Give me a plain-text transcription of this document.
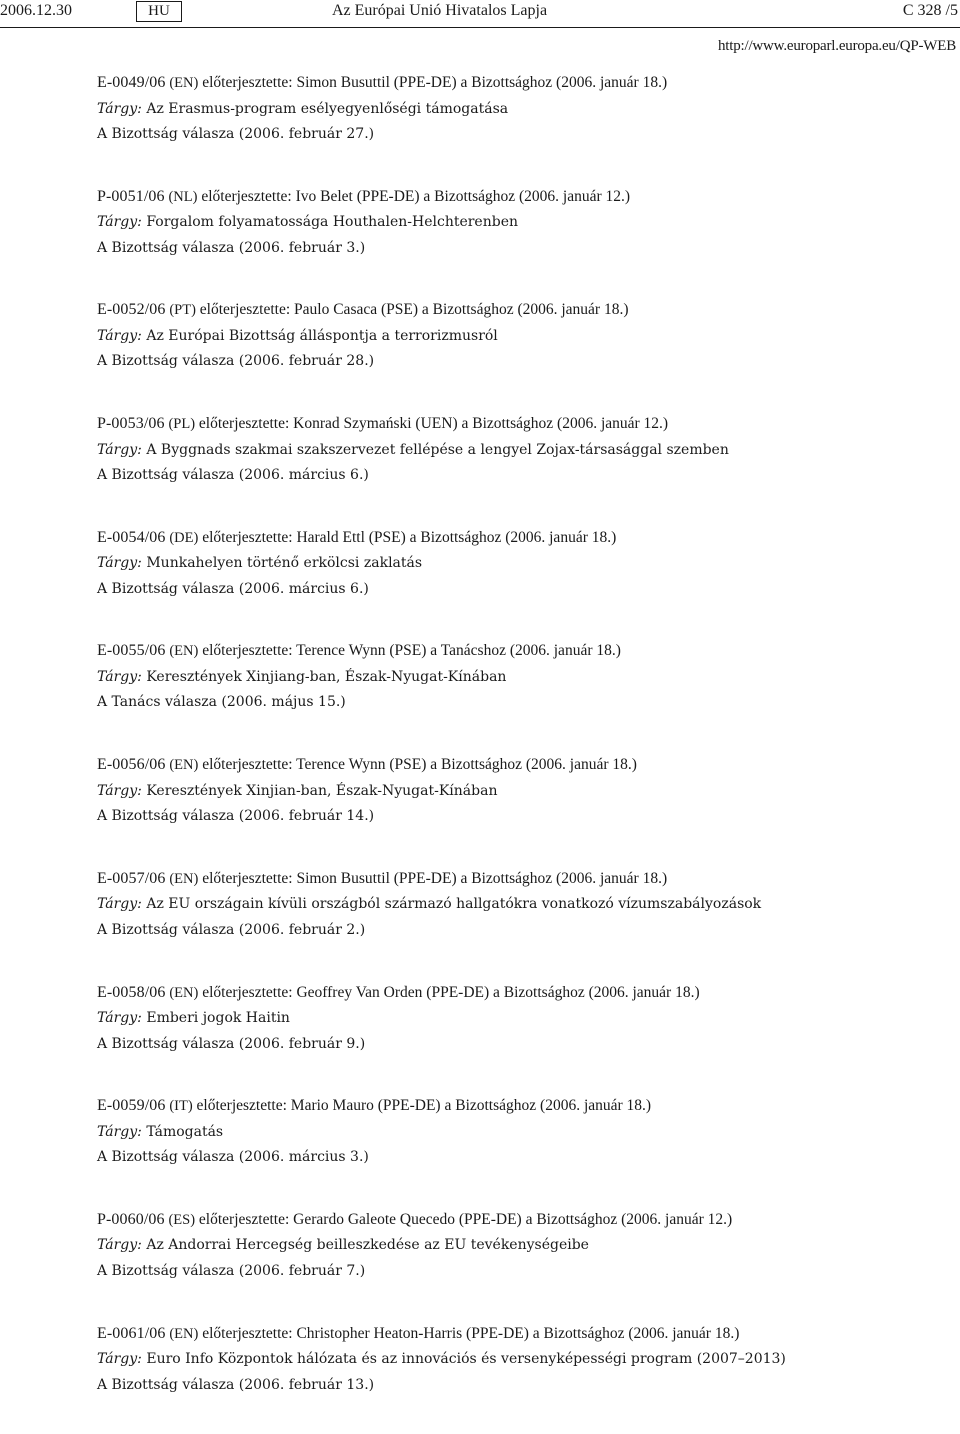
2006.12.30	HU	Az Európai Unió Hivatalos Lapja	C 328 /5
http://www.europarl.europa.eu/QP-WEB
E-0049/06 (EN) előterjesztette: Simon Busuttil (PPE-DE) a Bizottsághoz (2006. január 18.)
Tárgy: Az Erasmus-program esélyegyenlőségi támogatása
A Bizottság válasza (2006. február 27.)
P-0051/06 (NL) előterjesztette: Ivo Belet (PPE-DE) a Bizottsághoz (2006. január 12.)
Tárgy: Forgalom folyamatossága Houthalen-Helchterenben
A Bizottság válasza (2006. február 3.)
E-0052/06 (PT) előterjesztette: Paulo Casaca (PSE) a Bizottsághoz (2006. január 18.)
Tárgy: Az Európai Bizottság álláspontja a terrorizmusról
A Bizottság válasza (2006. február 28.)
P-0053/06 (PL) előterjesztette: Konrad Szymański (UEN) a Bizottsághoz (2006. január 12.)
Tárgy: A Byggnads szakmai szakszervezet fellépése a lengyel Zojax-társasággal szemben
A Bizottság válasza (2006. március 6.)
E-0054/06 (DE) előterjesztette: Harald Ettl (PSE) a Bizottsághoz (2006. január 18.)
Tárgy: Munkahelyen történő erkölcsi zaklatás
A Bizottság válasza (2006. március 6.)
E-0055/06 (EN) előterjesztette: Terence Wynn (PSE) a Tanácshoz (2006. január 18.)
Tárgy: Keresztények Xinjiang-ban, Észak-Nyugat-Kínában
A Tanács válasza (2006. május 15.)
E-0056/06 (EN) előterjesztette: Terence Wynn (PSE) a Bizottsághoz (2006. január 18.)
Tárgy: Keresztények Xinjian-ban, Észak-Nyugat-Kínában
A Bizottság válasza (2006. február 14.)
E-0057/06 (EN) előterjesztette: Simon Busuttil (PPE-DE) a Bizottsághoz (2006. január 18.)
Tárgy: Az EU országain kívüli országból származó hallgatókra vonatkozó vízumszabályozások
A Bizottság válasza (2006. február 2.)
E-0058/06 (EN) előterjesztette: Geoffrey Van Orden (PPE-DE) a Bizottsághoz (2006. január 18.)
Tárgy: Emberi jogok Haitin
A Bizottság válasza (2006. február 9.)
E-0059/06 (IT) előterjesztette: Mario Mauro (PPE-DE) a Bizottsághoz (2006. január 18.)
Tárgy: Támogatás
A Bizottság válasza (2006. március 3.)
P-0060/06 (ES) előterjesztette: Gerardo Galeote Quecedo (PPE-DE) a Bizottsághoz (2006. január 12.)
Tárgy: Az Andorrai Hercegség beilleszkedése az EU tevékenységeibe
A Bizottság válasza (2006. február 7.)
E-0061/06 (EN) előterjesztette: Christopher Heaton-Harris (PPE-DE) a Bizottsághoz (2006. január 18.)
Tárgy: Euro Info Központok hálózata és az innovációs és versenyképességi program (2007–2013)
A Bizottság válasza (2006. február 13.)
